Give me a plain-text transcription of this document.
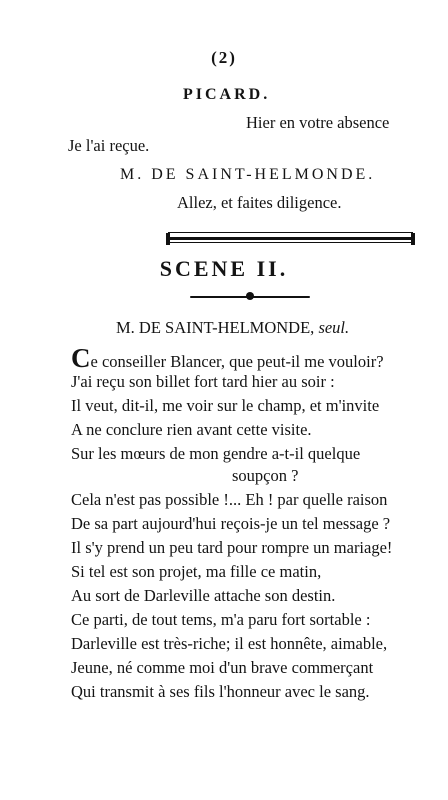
(2)
PICARD.
Hier en votre absence
Je l'ai reçue.
M. DE SAINT-HELMONDE.
Allez, et faites diligence.
SCENE II.
M. DE SAINT-HELMONDE, seul.
Ce conseiller Blancer, que peut-il me vouloir?
J'ai reçu son billet fort tard hier au soir :
Il veut, dit-il, me voir sur le champ, et m'invite
A ne conclure rien avant cette visite.
Sur les mœurs de mon gendre a-t-il quelque
soupçon ?
Cela n'est pas possible !... Eh ! par quelle raison
De sa part aujourd'hui reçois-je un tel message ?
Il s'y prend un peu tard pour rompre un mariage!
Si tel est son projet, ma fille ce matin,
Au sort de Darleville attache son destin.
Ce parti, de tout tems, m'a paru fort sortable :
Darleville est très-riche; il est honnête, aimable,
Jeune, né comme moi d'un brave commerçant
Qui transmit à ses fils l'honneur avec le sang.
